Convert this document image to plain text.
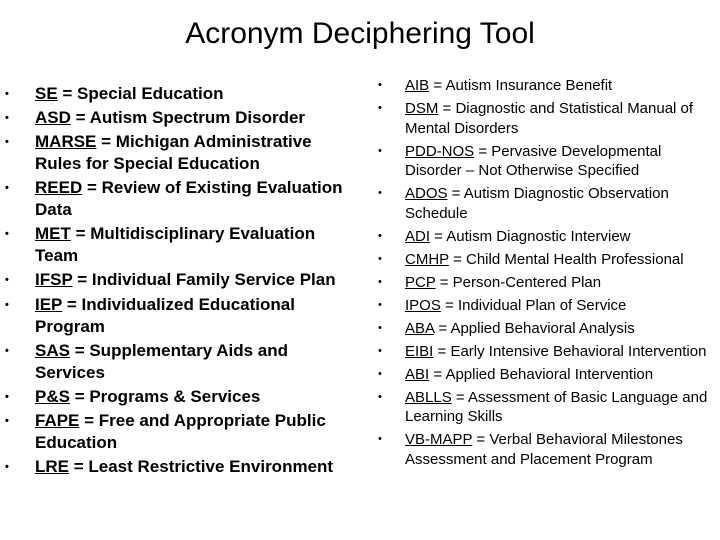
Acronym Deciphering Tool
• SE = Special Education
• ASD = Autism Spectrum Disorder
• MARSE = Michigan Administrative Rules for Special Education
• REED = Review of Existing Evaluation Data
• MET = Multidisciplinary Evaluation Team
• IFSP = Individual Family Service Plan
• IEP = Individualized Educational Program
• SAS = Supplementary Aids and Services
• P&S = Programs & Services
• FAPE = Free and Appropriate Public Education
• LRE = Least Restrictive Environment
• AIB = Autism Insurance Benefit
• DSM = Diagnostic and Statistical Manual of Mental Disorders
• PDD-NOS = Pervasive Developmental Disorder – Not Otherwise Specified
• ADOS = Autism Diagnostic Observation Schedule
• ADI = Autism Diagnostic Interview
• CMHP = Child Mental Health Professional
• PCP = Person-Centered Plan
• IPOS = Individual Plan of Service
• ABA = Applied Behavioral Analysis
• EIBI = Early Intensive Behavioral Intervention
• ABI = Applied Behavioral Intervention
• ABLLS = Assessment of Basic Language and Learning Skills
• VB-MAPP = Verbal Behavioral Milestones Assessment and Placement Program
